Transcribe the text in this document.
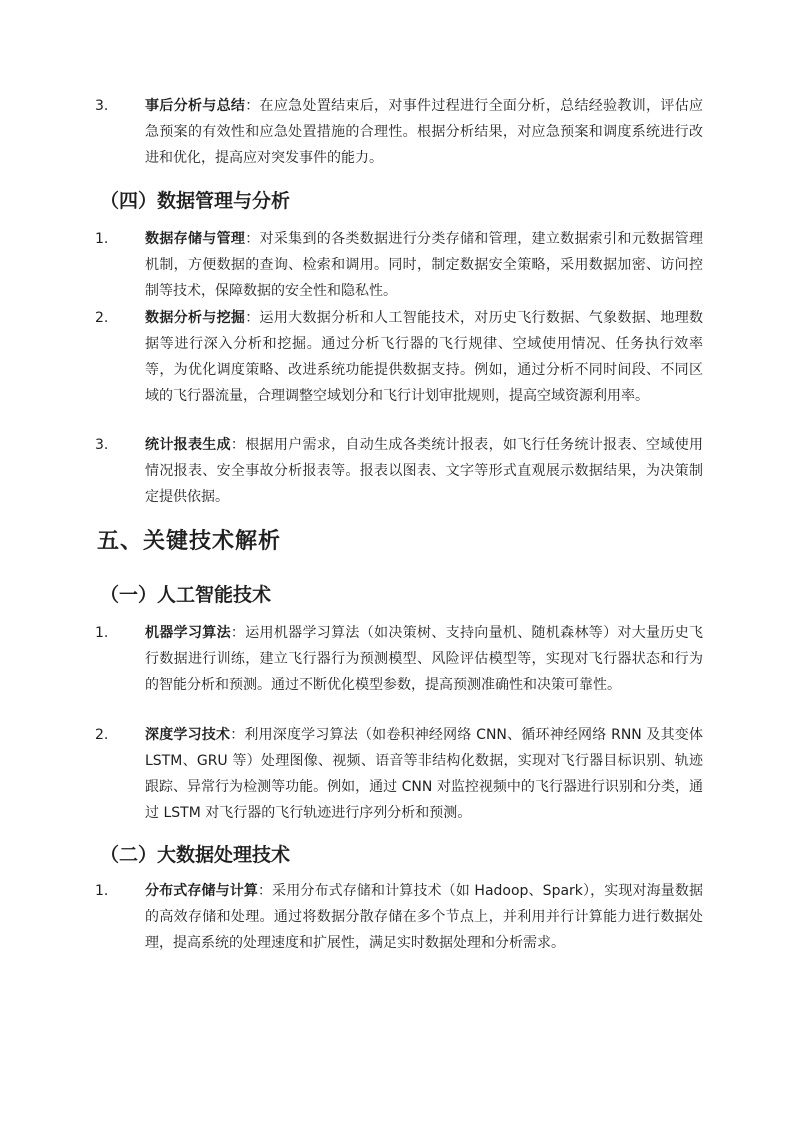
3.	事后分析与总结：在应急处置结束后，对事件过程进行全面分析，总结经验教训，评估应急预案的有效性和应急处置措施的合理性。根据分析结果，对应急预案和调度系统进行改进和优化，提高应对突发事件的能力。
（四）数据管理与分析
1.	数据存储与管理：对采集到的各类数据进行分类存储和管理，建立数据索引和元数据管理机制，方便数据的查询、检索和调用。同时，制定数据安全策略，采用数据加密、访问控制等技术，保障数据的安全性和隐私性。
2.	数据分析与挖掘：运用大数据分析和人工智能技术，对历史飞行数据、气象数据、地理数据等进行深入分析和挖掘。通过分析飞行器的飞行规律、空域使用情况、任务执行效率等，为优化调度策略、改进系统功能提供数据支持。例如，通过分析不同时间段、不同区域的飞行器流量，合理调整空域划分和飞行计划审批规则，提高空域资源利用率。
3.	统计报表生成：根据用户需求，自动生成各类统计报表，如飞行任务统计报表、空域使用情况报表、安全事故分析报表等。报表以图表、文字等形式直观展示数据结果，为决策制定提供依据。
五、关键技术解析
（一）人工智能技术
1.	机器学习算法：运用机器学习算法（如决策树、支持向量机、随机森林等）对大量历史飞行数据进行训练，建立飞行器行为预测模型、风险评估模型等，实现对飞行器状态和行为的智能分析和预测。通过不断优化模型参数，提高预测准确性和决策可靠性。
2.	深度学习技术：利用深度学习算法（如卷积神经网络 CNN、循环神经网络 RNN 及其变体 LSTM、GRU 等）处理图像、视频、语音等非结构化数据，实现对飞行器目标识别、轨迹跟踪、异常行为检测等功能。例如，通过 CNN 对监控视频中的飞行器进行识别和分类，通过 LSTM 对飞行器的飞行轨迹进行序列分析和预测。
（二）大数据处理技术
1.	分布式存储与计算：采用分布式存储和计算技术（如 Hadoop、Spark），实现对海量数据的高效存储和处理。通过将数据分散存储在多个节点上，并利用并行计算能力进行数据处理，提高系统的处理速度和扩展性，满足实时数据处理和分析需求。
